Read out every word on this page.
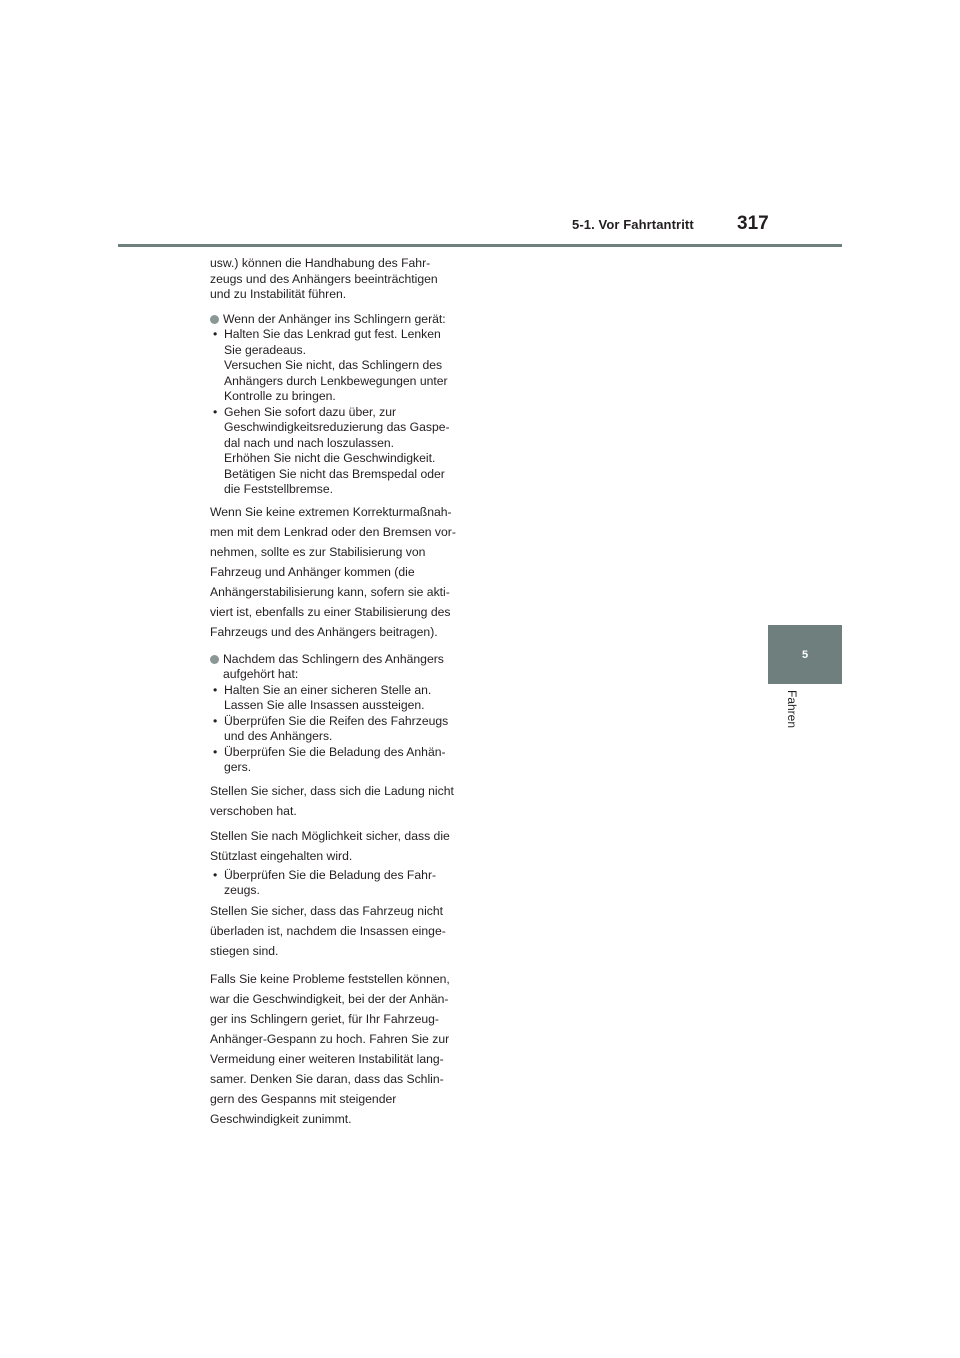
5-1. Vor Fahrtantritt 317
5
Fahren
usw.) können die Handhabung des Fahr-
zeugs und des Anhängers beeinträchtigen
und zu Instabilität führen.
Wenn der Anhänger ins Schlingern gerät:
• Halten Sie das Lenkrad gut fest. Lenken
Sie geradeaus.
Versuchen Sie nicht, das Schlingern des
Anhängers durch Lenkbewegungen unter
Kontrolle zu bringen.
• Gehen Sie sofort dazu über, zur
Geschwindigkeitsreduzierung das Gaspe-
dal nach und nach loszulassen.
Erhöhen Sie nicht die Geschwindigkeit.
Betätigen Sie nicht das Bremspedal oder
die Feststellbremse.
Wenn Sie keine extremen Korrekturmaßnah-
men mit dem Lenkrad oder den Bremsen vor-
nehmen, sollte es zur Stabilisierung von
Fahrzeug und Anhänger kommen (die
Anhängerstabilisierung kann, sofern sie akti-
viert ist, ebenfalls zu einer Stabilisierung des
Fahrzeugs und des Anhängers beitragen).
Nachdem das Schlingern des Anhängers
aufgehört hat:
• Halten Sie an einer sicheren Stelle an.
Lassen Sie alle Insassen aussteigen.
• Überprüfen Sie die Reifen des Fahrzeugs
und des Anhängers.
• Überprüfen Sie die Beladung des Anhän-
gers.
Stellen Sie sicher, dass sich die Ladung nicht
verschoben hat.
Stellen Sie nach Möglichkeit sicher, dass die
Stützlast eingehalten wird.
• Überprüfen Sie die Beladung des Fahr-
zeugs.
Stellen Sie sicher, dass das Fahrzeug nicht
überladen ist, nachdem die Insassen einge-
stiegen sind.
Falls Sie keine Probleme feststellen können,
war die Geschwindigkeit, bei der der Anhän-
ger ins Schlingern geriet, für Ihr Fahrzeug-
Anhänger-Gespann zu hoch. Fahren Sie zur
Vermeidung einer weiteren Instabilität lang-
samer. Denken Sie daran, dass das Schlin-
gern des Gespanns mit steigender
Geschwindigkeit zunimmt.
